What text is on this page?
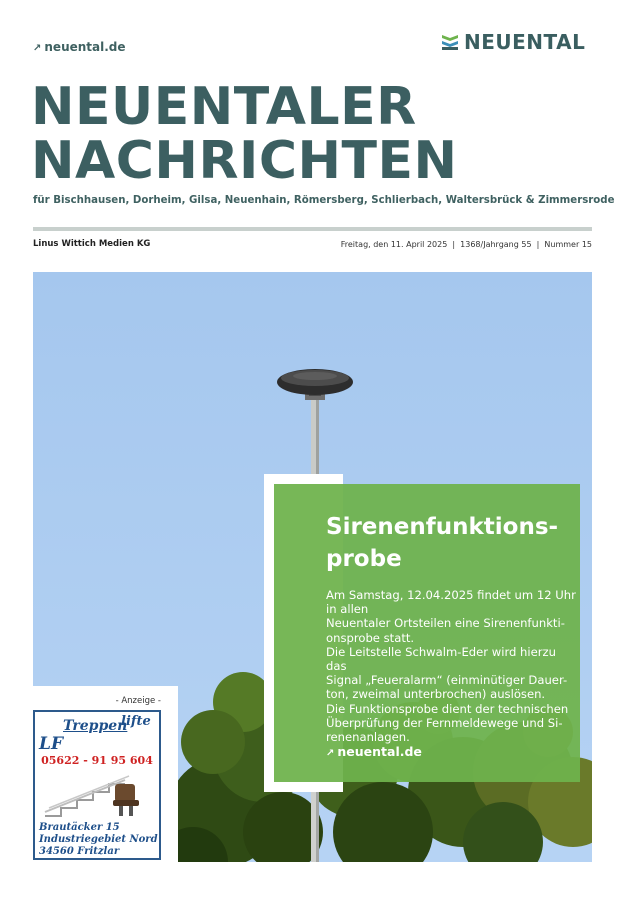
↗ neuental.de	NEUENTAL
NEUENTALER
NACHRICHTEN
für Bischhausen, Dorheim, Gilsa, Neuenhain, Römersberg, Schlierbach, Waltersbrück & Zimmersrode
Linus Wittich Medien KG	Freitag, den 11. April 2025  |  1368/Jahrgang 55  |  Nummer 15
Sirenenfunktions-
probe
Am Samstag, 12.04.2025 findet um 12 Uhr
in allen
Neuentaler Ortsteilen eine Sirenenfunkti-
onsprobe statt.
Die Leitstelle Schwalm-Eder wird hierzu das
Signal „Feueralarm“ (einminütiger Dauer-
ton, zweimal unterbrochen) auslösen.
Die Funktionsprobe dient der technischen
Überprüfung der Fernmeldewege und Si-
renenanlagen.
↗ neuental.de
- Anzeige -
lifte
Treppen
LF
05622 - 91 95 604
Brautäcker 15
Industriegebiet Nord
34560 Fritzlar
